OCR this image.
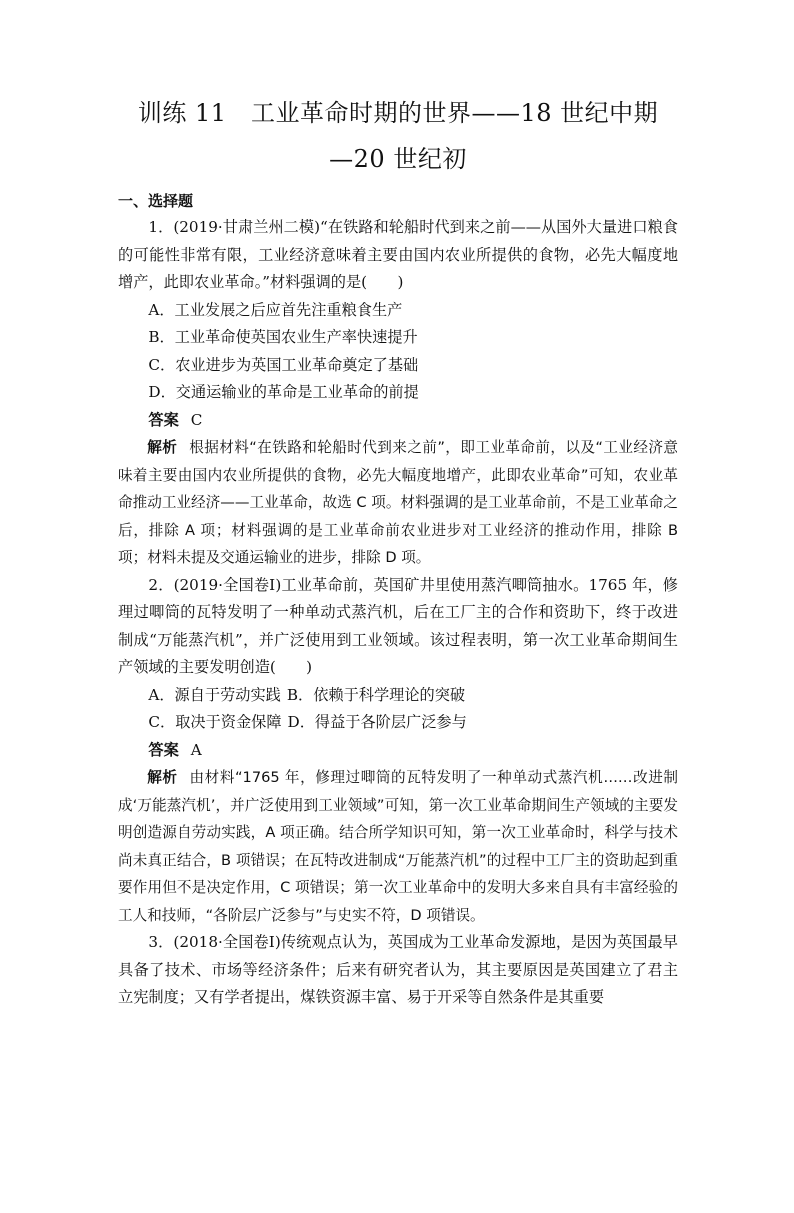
训练 11　工业革命时期的世界——18 世纪中期
—20 世纪初
一、选择题

1．(2019·甘肃兰州二模)“在铁路和轮船时代到来之前——从国外大量进口粮食的可能性非常有限，工业经济意味着主要由国内农业所提供的食物，必先大幅度地增产，此即农业革命。”材料强调的是(　　)

A．工业发展之后应首先注重粮食生产

B．工业革命使英国农业生产率快速提升

C．农业进步为英国工业革命奠定了基础

D．交通运输业的革命是工业革命的前提

答案 C

解析 根据材料“在铁路和轮船时代到来之前”，即工业革命前，以及“工业经济意味着主要由国内农业所提供的食物，必先大幅度地增产，此即农业革命”可知，农业革命推动工业经济——工业革命，故选 C 项。材料强调的是工业革命前，不是工业革命之后，排除 A 项；材料强调的是工业革命前农业进步对工业经济的推动作用，排除 B 项；材料未提及交通运输业的进步，排除 D 项。

2．(2019·全国卷Ⅰ)工业革命前，英国矿井里使用蒸汽唧筒抽水。1765 年，修理过唧筒的瓦特发明了一种单动式蒸汽机，后在工厂主的合作和资助下，终于改进制成“万能蒸汽机”，并广泛使用到工业领域。该过程表明，第一次工业革命期间生产领域的主要发明创造(　　)

A．源自于劳动实践 B．依赖于科学理论的突破

C．取决于资金保障 D．得益于各阶层广泛参与

答案 A

解析 由材料“1765 年，修理过唧筒的瓦特发明了一种单动式蒸汽机……改进制成‘万能蒸汽机’，并广泛使用到工业领域”可知，第一次工业革命期间生产领域的主要发明创造源自劳动实践，A 项正确。结合所学知识可知，第一次工业革命时，科学与技术尚未真正结合，B 项错误；在瓦特改进制成“万能蒸汽机”的过程中工厂主的资助起到重要作用但不是决定作用，C 项错误；第一次工业革命中的发明大多来自具有丰富经验的工人和技师，“各阶层广泛参与”与史实不符，D 项错误。

3．(2018·全国卷Ⅰ)传统观点认为，英国成为工业革命发源地，是因为英国最早具备了技术、市场等经济条件；后来有研究者认为，其主要原因是英国建立了君主立宪制度；又有学者提出，煤铁资源丰富、易于开采等自然条件是其重要
